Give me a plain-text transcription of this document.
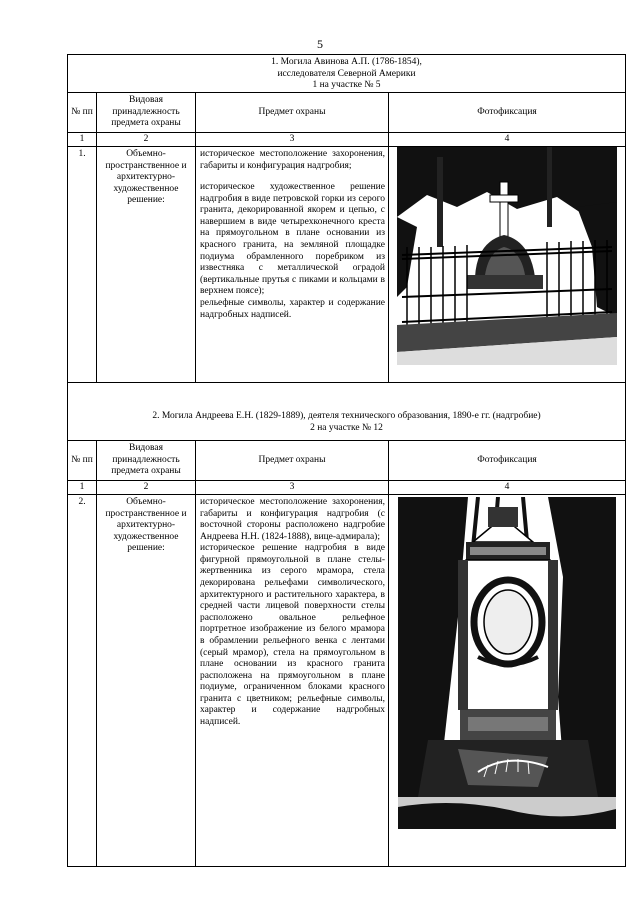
5
1. Могила Авинова А.П. (1786-1854),
исследователя Северной Америки
1 на участке № 5			

№ пп	Видовая принадлежность предмета охраны	Предмет охраны	Фотофиксация
1	2	3	4
1.	Объемно-пространственное и архитектурно-художественное решение:	историческое местоположение захоронения, габариты и конфигурация надгробия;

историческое художественное решение надгробия в виде петровской горки из серого гранита, декорированной якорем и цепью, с навершием в виде четырехконечного креста на прямоугольном в плане основании из красного гранита, на земляной площадке подиума обрамленного поребриком из известняка с металлической оградой (вертикальные прутья с пиками и кольцами в верхнем поясе);

рельефные символы, характер и содержание надгробных надписей.

2. Могила Андреева Е.Н. (1829-1889), деятеля технического образования, 1890-е гг. (надгробие)
2 на участке № 12			

№ пп	Видовая принадлежность предмета охраны	Предмет охраны	Фотофиксация
1	2	3	4
2.	Объемно-пространственное и архитектурно-художественное решение:	историческое местоположение захоронения, габариты и конфигурация надгробия (с восточной стороны расположено надгробие Андреева Н.Н. (1824-1888), вице-адмирала);

историческое решение надгробия в виде фигурной прямоугольной в плане стелы-жертвенника из серого мрамора, стела декорирована рельефами символического, архитектурного и растительного характера, в средней части лицевой поверхности стелы расположено овальное рельефное портретное изображение из белого мрамора в обрамлении рельефного венка с лентами (серый мрамор), стела на прямоугольном в плане основании из красного гранита расположена на прямоугольном в плане подиуме, ограниченном блоками красного гранита с цветником; рельефные символы, характер и содержание надгробных надписей.
